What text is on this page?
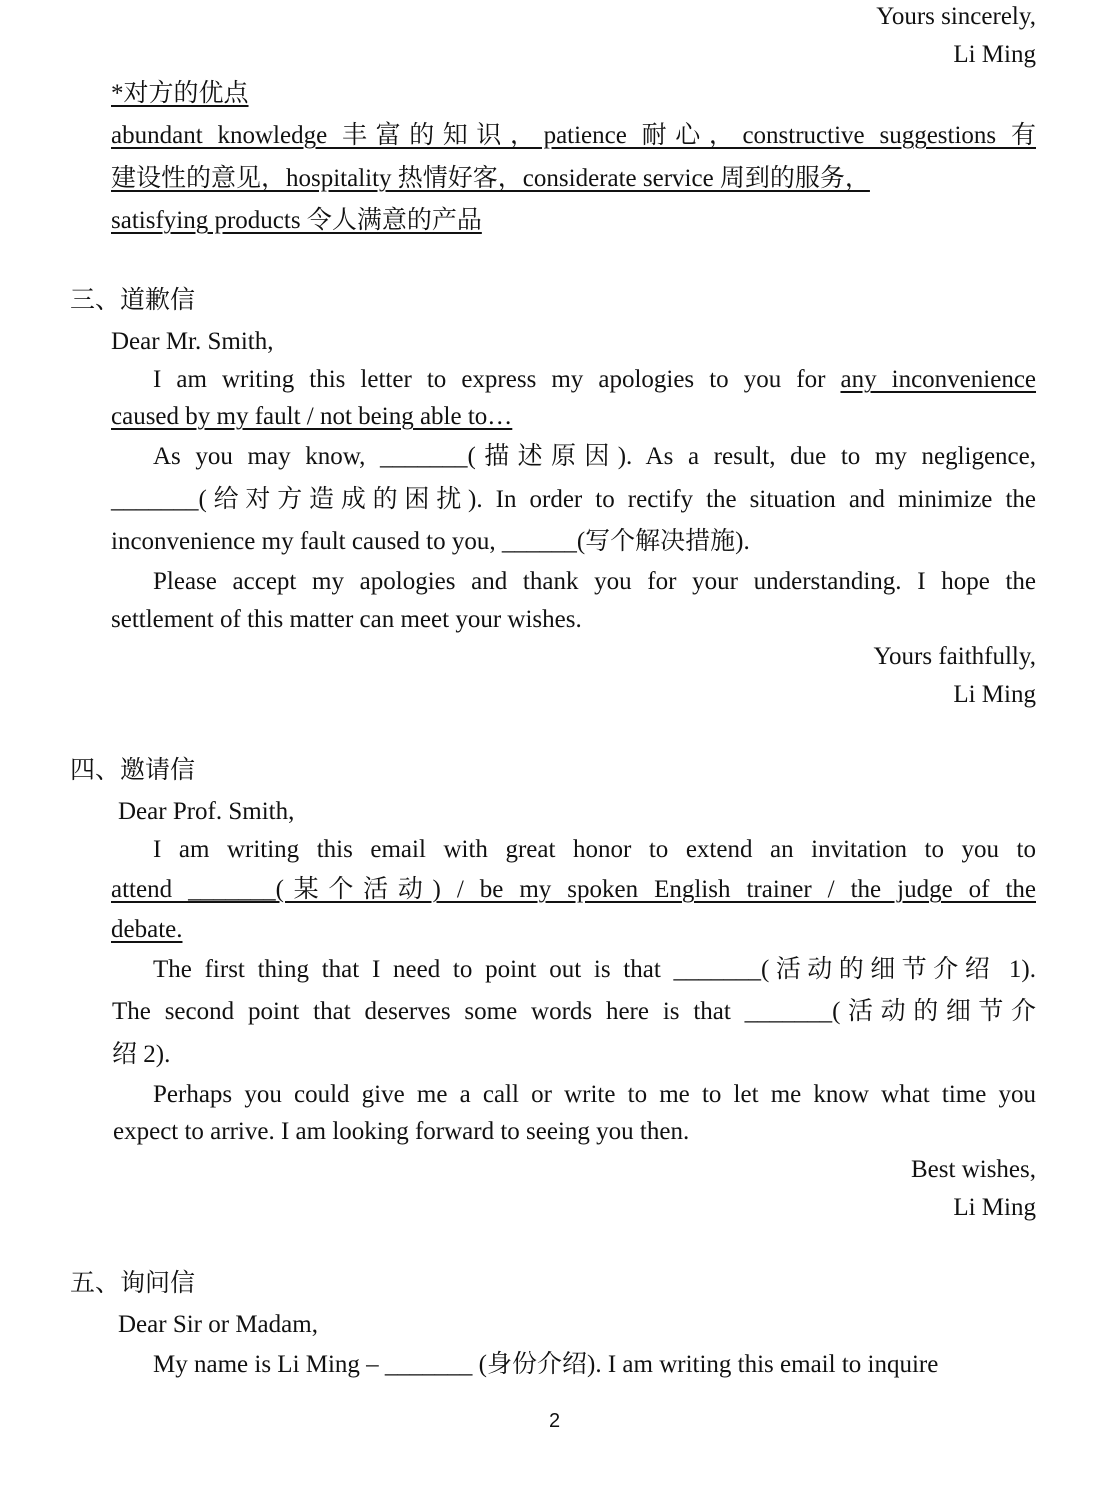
Yours sincerely,
Li Ming
*对方的优点
abundant knowledge 丰富的知识，patience 耐心，constructive suggestions 有
建设性的意见，hospitality 热情好客，considerate service 周到的服务，
satisfying products 令人满意的产品
三、道歉信
Dear Mr. Smith,
I am writing this letter to express my apologies to you for any inconvenience
caused by my fault / not being able to…
As you may know, _______(描述原因). As a result, due to my negligence,
_______(给对方造成的困扰). In order to rectify the situation and minimize the
inconvenience my fault caused to you, ______(写个解决措施).
Please accept my apologies and thank you for your understanding. I hope the
settlement of this matter can meet your wishes.
Yours faithfully,
Li Ming
四、邀请信
Dear Prof. Smith,
I am writing this email with great honor to extend an invitation to you to
attend _______(某个活动) / be my spoken English trainer / the judge of the
debate.
The first thing that I need to point out is that _______(活动的细节介绍 1).
The second point that deserves some words here is that _______(活动的细节介
绍 2).
Perhaps you could give me a call or write to me to let me know what time you
expect to arrive. I am looking forward to seeing you then.
Best wishes,
Li Ming
五、询问信
Dear Sir or Madam,
My name is Li Ming – _______ (身份介绍). I am writing this email to inquire
2
